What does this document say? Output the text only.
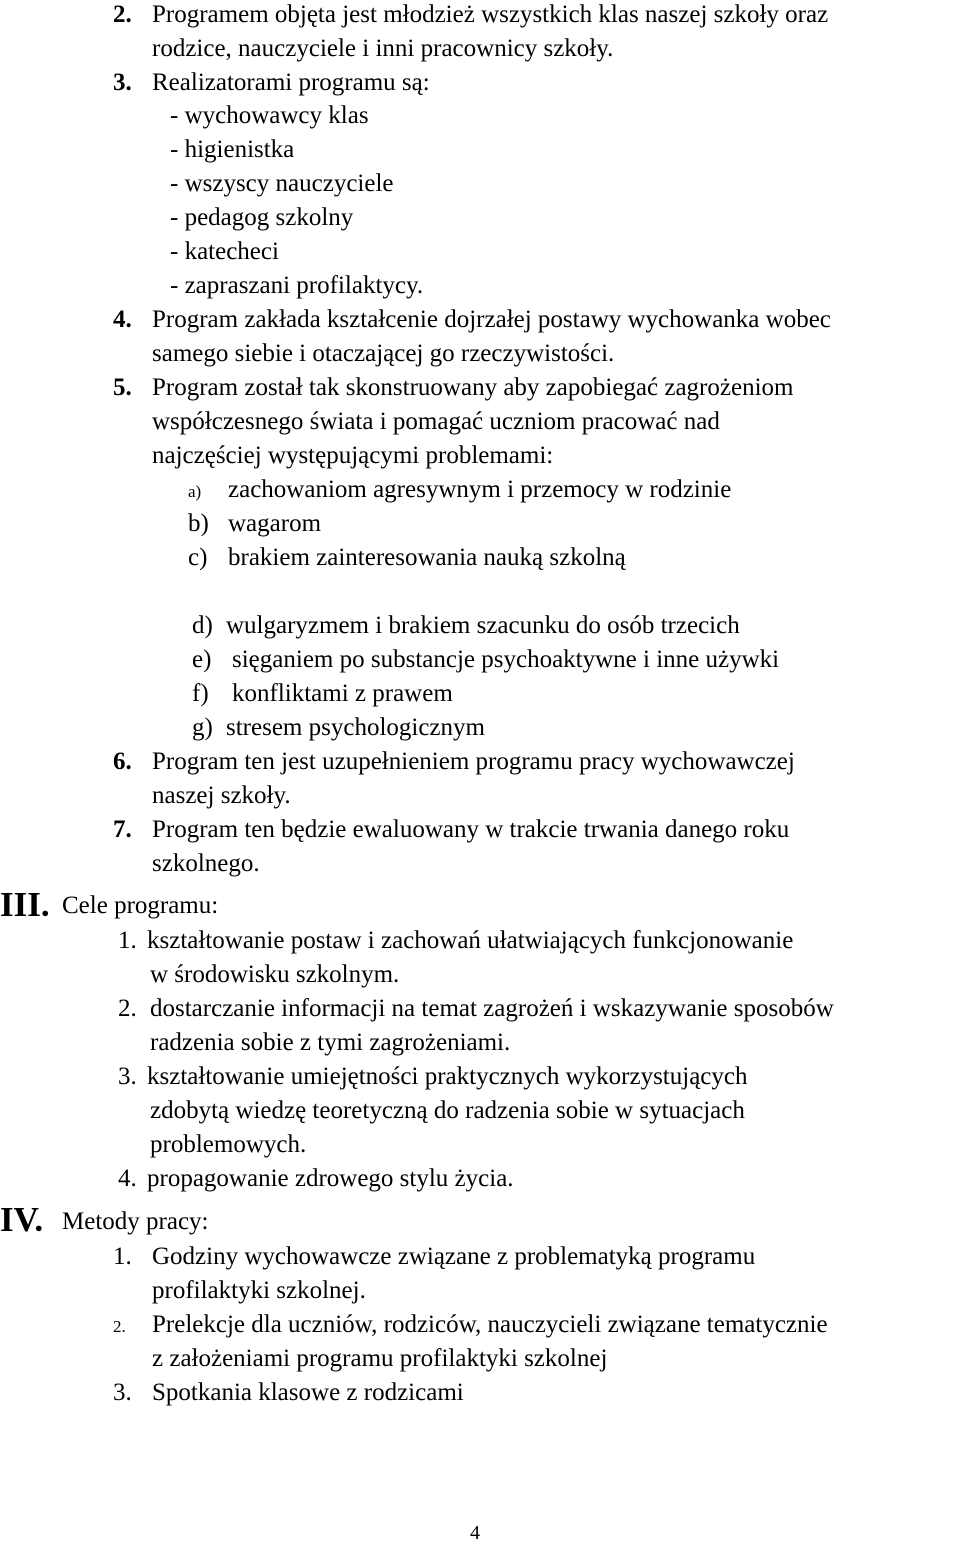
2. Programem objęta jest młodzież wszystkich klas naszej szkoły oraz
rodzice, nauczyciele i inni pracownicy szkoły.
3. Realizatorami programu są:
- wychowawcy klas
- higienistka
- wszyscy nauczyciele
- pedagog szkolny
- katecheci
- zapraszani profilaktycy.
4. Program zakłada kształcenie dojrzałej postawy wychowanka wobec
samego siebie i otaczającej go rzeczywistości.
5. Program został tak skonstruowany aby zapobiegać zagrożeniom
współczesnego świata i pomagać uczniom pracować nad
najczęściej występującymi problemami:
a) zachowaniom agresywnym i przemocy w rodzinie
b) wagarom
c) brakiem zainteresowania nauką szkolną
d) wulgaryzmem i brakiem szacunku do osób trzecich
e) sięganiem po substancje psychoaktywne i inne używki
f) konfliktami z prawem
g) stresem psychologicznym
6. Program ten jest uzupełnieniem programu pracy wychowawczej
naszej szkoły.
7. Program ten będzie ewaluowany w trakcie trwania danego roku
szkolnego.
III. Cele programu:
1. kształtowanie postaw i zachowań ułatwiających funkcjonowanie
w środowisku szkolnym.
2. dostarczanie informacji na temat zagrożeń i wskazywanie sposobów
radzenia sobie z tymi zagrożeniami.
3. kształtowanie umiejętności praktycznych wykorzystujących
zdobytą wiedzę teoretyczną do radzenia sobie w sytuacjach
problemowych.
4. propagowanie zdrowego stylu życia.
IV. Metody pracy:
1. Godziny wychowawcze związane z problematyką programu
profilaktyki szkolnej.
2. Prelekcje dla uczniów, rodziców, nauczycieli związane tematycznie
z założeniami programu profilaktyki szkolnej
3. Spotkania klasowe z rodzicami
4
